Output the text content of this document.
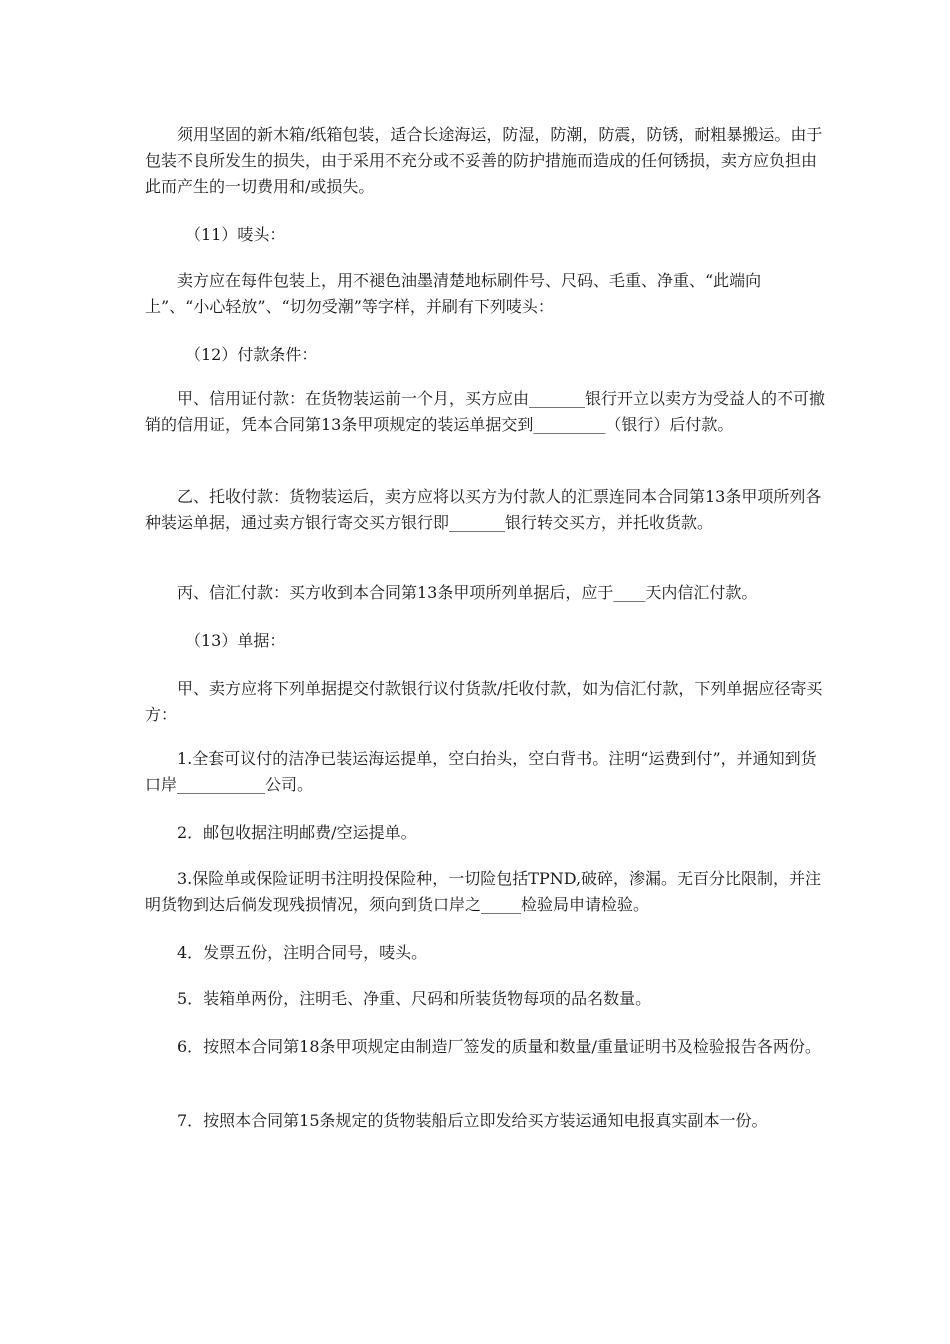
须用坚固的新木箱/纸箱包装，适合长途海运，防湿，防潮，防震，防锈，耐粗暴搬运。由于包装不良所发生的损失，由于采用不充分或不妥善的防护措施而造成的任何锈损，卖方应负担由此而产生的一切费用和/或损失。

（11）唛头：

卖方应在每件包装上，用不褪色油墨清楚地标刷件号、尺码、毛重、净重、“此端向上”、“小心轻放”、“切勿受潮”等字样，并刷有下列唛头：

（12）付款条件：

甲、信用证付款：在货物装运前一个月，买方应由_______银行开立以卖方为受益人的不可撤销的信用证，凭本合同第13条甲项规定的装运单据交到_________（银行）后付款。

乙、托收付款：货物装运后，卖方应将以买方为付款人的汇票连同本合同第13条甲项所列各种装运单据，通过卖方银行寄交买方银行即_______银行转交买方，并托收货款。

丙、信汇付款：买方收到本合同第13条甲项所列单据后，应于____天内信汇付款。

（13）单据：

甲、卖方应将下列单据提交付款银行议付货款/托收付款，如为信汇付款，下列单据应径寄买方：

1.全套可议付的洁净已装运海运提单，空白抬头，空白背书。注明“运费到付”，并通知到货口岸___________公司。

2．邮包收据注明邮费/空运提单。

3.保险单或保险证明书注明投保险种，一切险包括TPND,破碎，渗漏。无百分比限制，并注明货物到达后倘发现残损情况，须向到货口岸之_____检验局申请检验。

4．发票五份，注明合同号，唛头。

5．装箱单两份，注明毛、净重、尺码和所装货物每项的品名数量。

6．按照本合同第18条甲项规定由制造厂签发的质量和数量/重量证明书及检验报告各两份。

7．按照本合同第15条规定的货物装船后立即发给买方装运通知电报真实副本一份。
